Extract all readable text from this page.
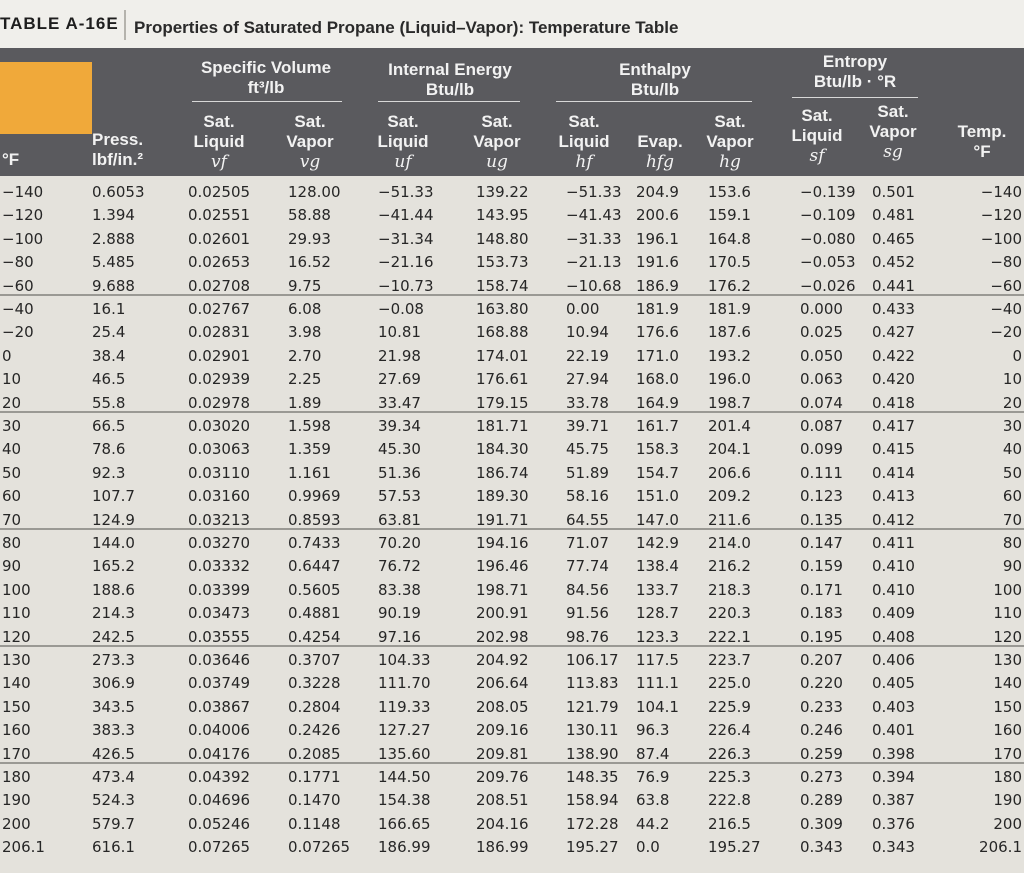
TABLE A-16E Properties of Saturated Propane (Liquid–Vapor): Temperature Table
Specific Volume
ft³/lb
Internal Energy
Btu/lb
Enthalpy
Btu/lb
Entropy
Btu/lb · °R
°F
Press.
lbf/in.²
Sat.
Liquid
vf
Sat.
Vapor
vg
Sat.
Liquid
uf
Sat.
Vapor
ug
Sat.
Liquid
hf
Evap.
hfg
Sat.
Vapor
hg
Sat.
Liquid
sf
Sat.
Vapor
sg
Temp.
°F
−140	0.6053	0.02505	128.00	−51.33	139.22	−51.33 204.9 153.6	−0.139 0.501	−140
−120	1.394	0.02551	58.88	−41.44	143.95	−41.43 200.6 159.1	−0.109 0.481	−120
−100	2.888	0.02601	29.93	−31.34	148.80	−31.33 196.1 164.8	−0.080 0.465	−100
−80	5.485	0.02653	16.52	−21.16	153.73	−21.13 191.6 170.5	−0.053 0.452	−80
−60	9.688	0.02708	9.75	−10.73	158.74	−10.68 186.9 176.2	−0.026 0.441	−60
−40	16.1	0.02767	6.08	−0.08	163.80	0.00 181.9 181.9	0.000 0.433	−40
−20	25.4	0.02831	3.98	10.81	168.88	10.94 176.6 187.6	0.025 0.427	−20
0	38.4	0.02901	2.70	21.98	174.01	22.19 171.0 193.2	0.050 0.422	0
10	46.5	0.02939	2.25	27.69	176.61	27.94 168.0 196.0	0.063 0.420	10
20	55.8	0.02978	1.89	33.47	179.15	33.78 164.9 198.7	0.074 0.418	20
30	66.5	0.03020	1.598	39.34	181.71	39.71 161.7 201.4	0.087 0.417	30
40	78.6	0.03063	1.359	45.30	184.30	45.75 158.3 204.1	0.099 0.415	40
50	92.3	0.03110	1.161	51.36	186.74	51.89 154.7 206.6	0.111 0.414	50
60	107.7	0.03160	0.9969	57.53	189.30	58.16 151.0 209.2	0.123 0.413	60
70	124.9	0.03213	0.8593	63.81	191.71	64.55 147.0 211.6	0.135 0.412	70
80	144.0	0.03270	0.7433	70.20	194.16	71.07 142.9 214.0	0.147 0.411	80
90	165.2	0.03332	0.6447	76.72	196.46	77.74 138.4 216.2	0.159 0.410	90
100	188.6	0.03399	0.5605	83.38	198.71	84.56 133.7 218.3	0.171 0.410	100
110	214.3	0.03473	0.4881	90.19	200.91	91.56 128.7 220.3	0.183 0.409	110
120	242.5	0.03555	0.4254	97.16	202.98	98.76 123.3 222.1	0.195 0.408	120
130	273.3	0.03646	0.3707	104.33	204.92	106.17 117.5 223.7	0.207 0.406	130
140	306.9	0.03749	0.3228	111.70	206.64	113.83 111.1 225.0	0.220 0.405	140
150	343.5	0.03867	0.2804	119.33	208.05	121.79 104.1 225.9	0.233 0.403	150
160	383.3	0.04006	0.2426	127.27	209.16	130.11 96.3	226.4	0.246 0.401	160
170	426.5	0.04176	0.2085	135.60	209.81	138.90 87.4	226.3	0.259 0.398	170
180	473.4	0.04392	0.1771	144.50	209.76	148.35 76.9	225.3	0.273 0.394	180
190	524.3	0.04696	0.1470	154.38	208.51	158.94 63.8	222.8	0.289 0.387	190
200	579.7	0.05246	0.1148	166.65	204.16	172.28 44.2	216.5	0.309 0.376	200
206.1	616.1	0.07265	0.07265 186.99	186.99	195.27 0.0	195.27	0.343 0.343	206.1
